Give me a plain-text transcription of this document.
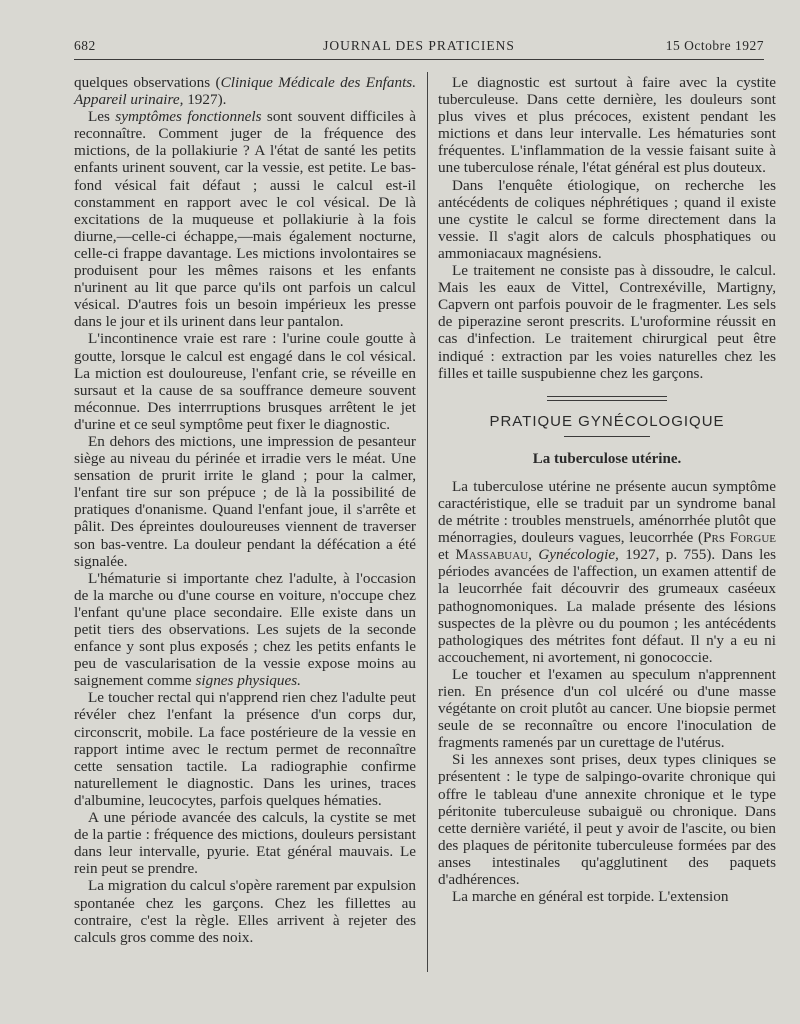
682	JOURNAL DES PRATICIENS	15 Octobre 1927

quelques observations (Clinique Médicale des Enfants. Appareil urinaire, 1927).

Les symptômes fonctionnels sont souvent difficiles à reconnaître. Comment juger de la fréquence des mictions, de la pollakiurie ? A l'état de santé les petits enfants urinent souvent, car la vessie, est petite. Le bas-fond vésical fait défaut ; aussi le calcul est-il constamment en rapport avec le col vésical. De là excitations de la muqueuse et pollakiurie à la fois diurne,—celle-ci échappe,—mais également nocturne, celle-ci frappe davantage. Les mictions involontaires se produisent pour les mêmes raisons et les enfants n'urinent au lit que parce qu'ils ont parfois un calcul vésical. D'autres fois un besoin impérieux les presse dans le jour et ils urinent dans leur pantalon.

L'incontinence vraie est rare : l'urine coule goutte à goutte, lorsque le calcul est engagé dans le col vésical. La miction est douloureuse, l'enfant crie, se réveille en sursaut et la cause de sa souffrance demeure souvent méconnue. Des interrruptions brusques arrêtent le jet d'urine et ce seul symptôme peut fixer le diagnostic.

En dehors des mictions, une impression de pesanteur siège au niveau du périnée et irradie vers le méat. Une sensation de prurit irrite le gland ; pour la calmer, l'enfant tire sur son prépuce ; de là la possibilité de pratiques d'onanisme. Quand l'enfant joue, il s'arrête et pâlit. Des épreintes douloureuses viennent de traverser son bas-ventre. La douleur pendant la défécation a été signalée.

L'hématurie si importante chez l'adulte, à l'occasion de la marche ou d'une course en voiture, n'occupe chez l'enfant qu'une place secondaire. Elle existe dans un petit tiers des observations. Les sujets de la seconde enfance y sont plus exposés ; chez les petits enfants le peu de vascularisation de la vessie expose moins au saignement comme signes physiques.

Le toucher rectal qui n'apprend rien chez l'adulte peut révéler chez l'enfant la présence d'un corps dur, circonscrit, mobile. La face postérieure de la vessie en rapport intime avec le rectum permet de reconnaître cette sensation tactile. La radiographie confirme naturellement le diagnostic. Dans les urines, traces d'albumine, leucocytes, parfois quelques hématies.

A une période avancée des calculs, la cystite se met de la partie : fréquence des mictions, douleurs persistant dans leur intervalle, pyurie. Etat général mauvais. Le rein peut se prendre.

La migration du calcul s'opère rarement par expulsion spontanée chez les garçons. Chez les fillettes au contraire, c'est la règle. Elles arrivent à rejeter des calculs gros comme des noix.

Le diagnostic est surtout à faire avec la cystite tuberculeuse. Dans cette dernière, les douleurs sont plus vives et plus précoces, existent pendant les mictions et dans leur intervalle. Les hématuries sont fréquentes. L'inflammation de la vessie faisant suite à une tuberculose rénale, l'état général est plus douteux.

Dans l'enquête étiologique, on recherche les antécédents de coliques néphrétiques ; quand il existe une cystite le calcul se forme directement dans la vessie. Il s'agit alors de calculs phosphatiques ou ammoniacaux magnésiens.

Le traitement ne consiste pas à dissoudre, le calcul. Mais les eaux de Vittel, Contrexéville, Martigny, Capvern ont parfois pouvoir de le fragmenter. Les sels de piperazine seront prescrits. L'uroformine réussit en cas d'infection. Le traitement chirurgical peut être indiqué : extraction par les voies naturelles chez les filles et taille suspubienne chez les garçons.

PRATIQUE GYNÉCOLOGIQUE
La tuberculose utérine.

La tuberculose utérine ne présente aucun symptôme caractéristique, elle se traduit par un syndrome banal de métrite : troubles menstruels, aménorrhée plutôt que ménorragies, douleurs vagues, leucorrhée (Prs Forgue et Massabuau, Gynécologie, 1927, p. 755). Dans les périodes avancées de l'affection, un examen attentif de la leucorrhée fait découvrir des grumeaux caséeux pathognomoniques. La malade présente des lésions suspectes de la plèvre ou du poumon ; les antécédents pathologiques des métrites font défaut. Il n'y a eu ni accouchement, ni avortement, ni gonococcie.

Le toucher et l'examen au speculum n'apprennent rien. En présence d'un col ulcéré ou d'une masse végétante on croit plutôt au cancer. Une biopsie permet seule de se reconnaître ou encore l'inoculation de fragments ramenés par un curettage de l'utérus.

Si les annexes sont prises, deux types cliniques se présentent : le type de salpingo-ovarite chronique qui offre le tableau d'une annexite chronique et le type péritonite tuberculeuse subaiguë ou chronique. Dans cette dernière variété, il peut y avoir de l'ascite, ou bien des plaques de péritonite tuberculeuse formées par des anses intestinales qu'agglutinent des paquets d'adhérences.

La marche en général est torpide. L'extension
